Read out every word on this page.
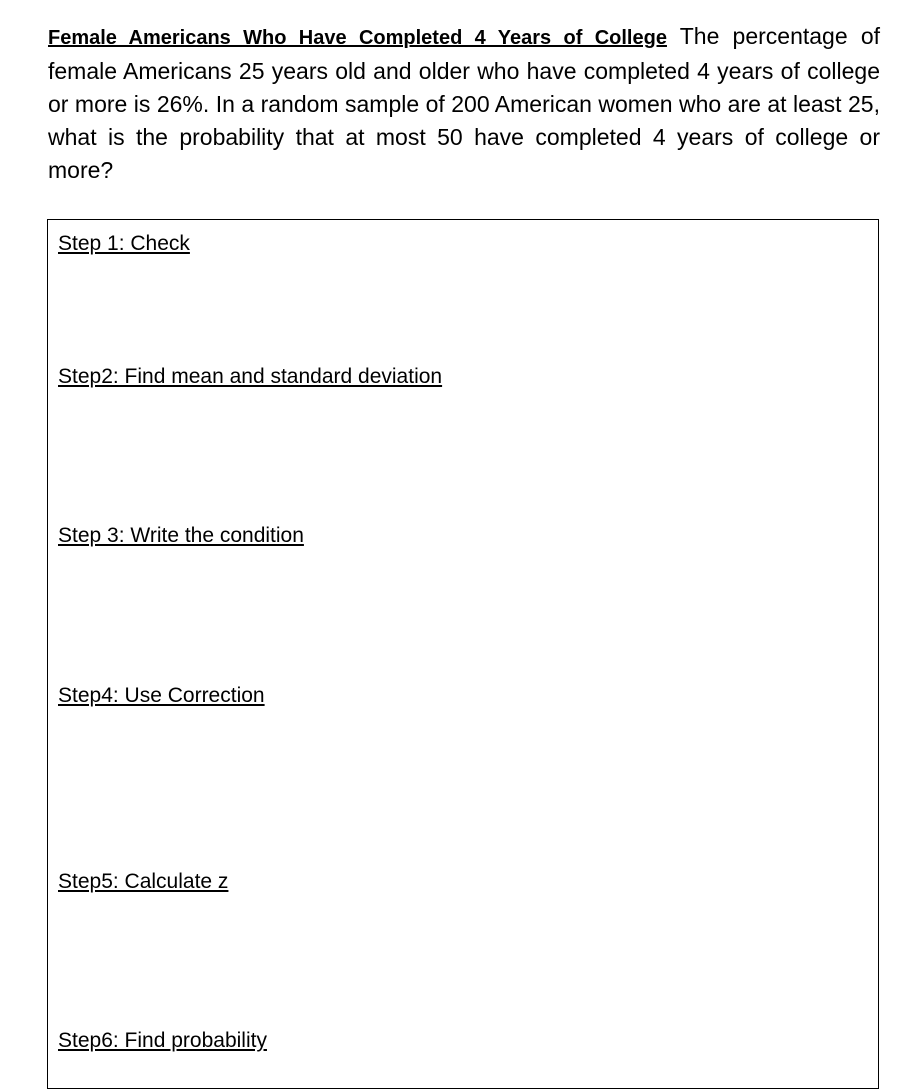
Female Americans Who Have Completed 4 Years of College The percentage of female Americans 25 years old and older who have completed 4 years of college or more is 26%. In a random sample of 200 American women who are at least 25, what is the probability that at most 50 have completed 4 years of college or more?

Step 1: Check
Step2: Find mean and standard deviation
Step 3: Write the condition
Step4: Use Correction
Step5: Calculate z
Step6: Find probability
